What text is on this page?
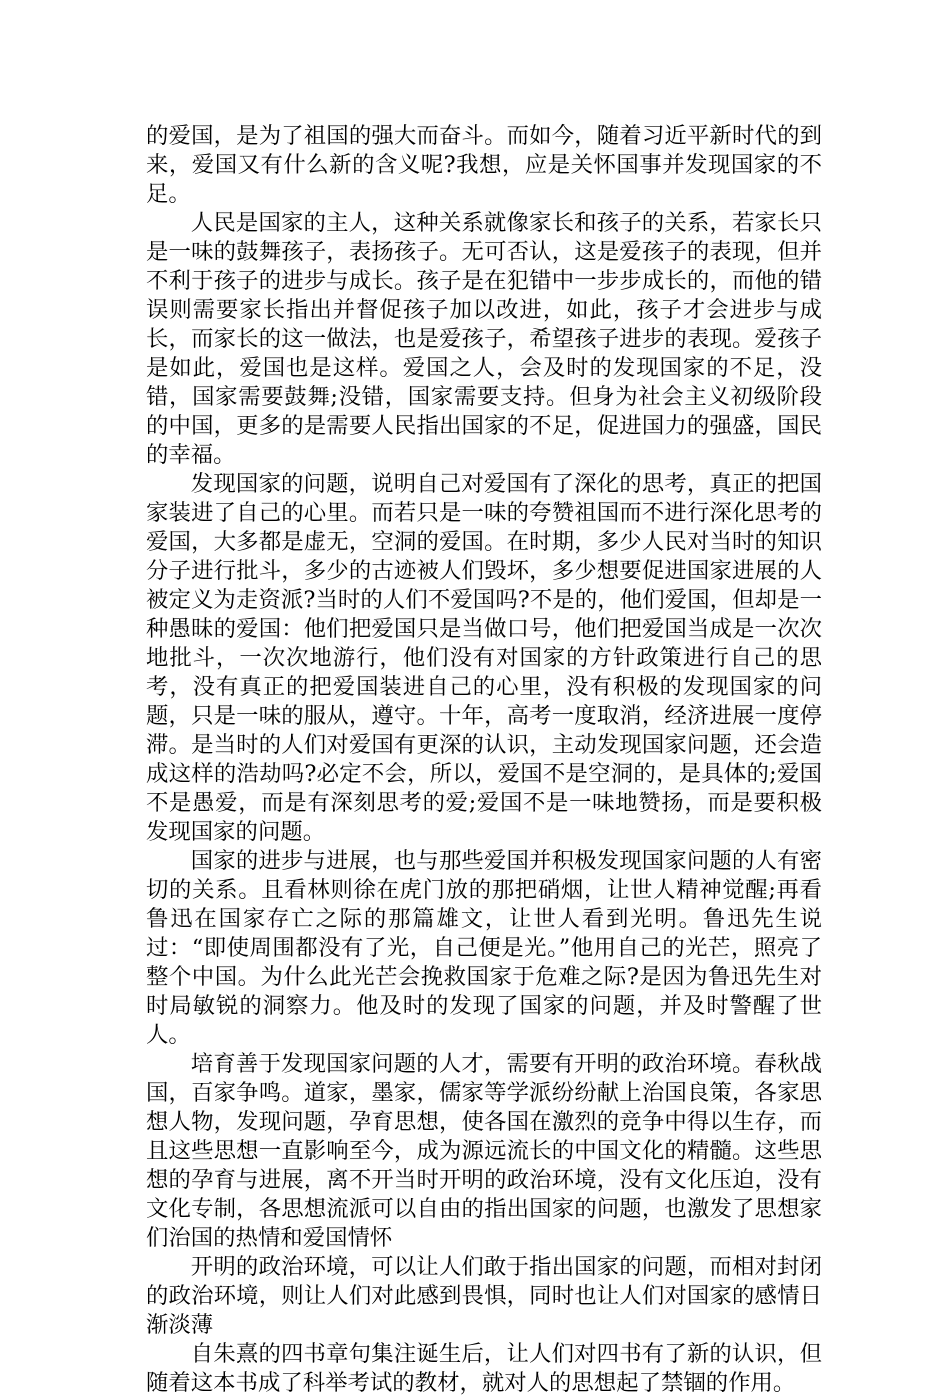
的爱国，是为了祖国的强大而奋斗。而如今，随着习近平新时代的到来，爱国又有什么新的含义呢?我想，应是关怀国事并发现国家的不足。

人民是国家的主人，这种关系就像家长和孩子的关系，若家长只是一味的鼓舞孩子，表扬孩子。无可否认，这是爱孩子的表现，但并不利于孩子的进步与成长。孩子是在犯错中一步步成长的，而他的错误则需要家长指出并督促孩子加以改进，如此，孩子才会进步与成长，而家长的这一做法，也是爱孩子，希望孩子进步的表现。爱孩子是如此，爱国也是这样。爱国之人，会及时的发现国家的不足，没错，国家需要鼓舞;没错，国家需要支持。但身为社会主义初级阶段的中国，更多的是需要人民指出国家的不足，促进国力的强盛，国民的幸福。

发现国家的问题，说明自己对爱国有了深化的思考，真正的把国家装进了自己的心里。而若只是一味的夸赞祖国而不进行深化思考的爱国，大多都是虚无，空洞的爱国。在时期，多少人民对当时的知识分子进行批斗，多少的古迹被人们毁坏，多少想要促进国家进展的人被定义为走资派?当时的人们不爱国吗?不是的，他们爱国，但却是一种愚昧的爱国：他们把爱国只是当做口号，他们把爱国当成是一次次地批斗，一次次地游行，他们没有对国家的方针政策进行自己的思考，没有真正的把爱国装进自己的心里，没有积极的发现国家的问题，只是一味的服从，遵守。十年，高考一度取消，经济进展一度停滞。是当时的人们对爱国有更深的认识，主动发现国家问题，还会造成这样的浩劫吗?必定不会，所以，爱国不是空洞的，是具体的;爱国不是愚爱，而是有深刻思考的爱;爱国不是一味地赞扬，而是要积极发现国家的问题。

国家的进步与进展，也与那些爱国并积极发现国家问题的人有密切的关系。且看林则徐在虎门放的那把硝烟，让世人精神觉醒;再看鲁迅在国家存亡之际的那篇雄文，让世人看到光明。鲁迅先生说过：“即使周围都没有了光，自己便是光。”他用自己的光芒，照亮了整个中国。为什么此光芒会挽救国家于危难之际?是因为鲁迅先生对时局敏锐的洞察力。他及时的发现了国家的问题，并及时警醒了世人。

培育善于发现国家问题的人才，需要有开明的政治环境。春秋战国，百家争鸣。道家，墨家，儒家等学派纷纷献上治国良策，各家思想人物，发现问题，孕育思想，使各国在激烈的竞争中得以生存，而且这些思想一直影响至今，成为源远流长的中国文化的精髓。这些思想的孕育与进展，离不开当时开明的政治环境，没有文化压迫，没有文化专制，各思想流派可以自由的指出国家的问题，也激发了思想家们治国的热情和爱国情怀

开明的政治环境，可以让人们敢于指出国家的问题，而相对封闭的政治环境，则让人们对此感到畏惧，同时也让人们对国家的感情日渐淡薄

自朱熹的四书章句集注诞生后，让人们对四书有了新的认识，但随着这本书成了科举考试的教材，就对人的思想起了禁锢的作用。
